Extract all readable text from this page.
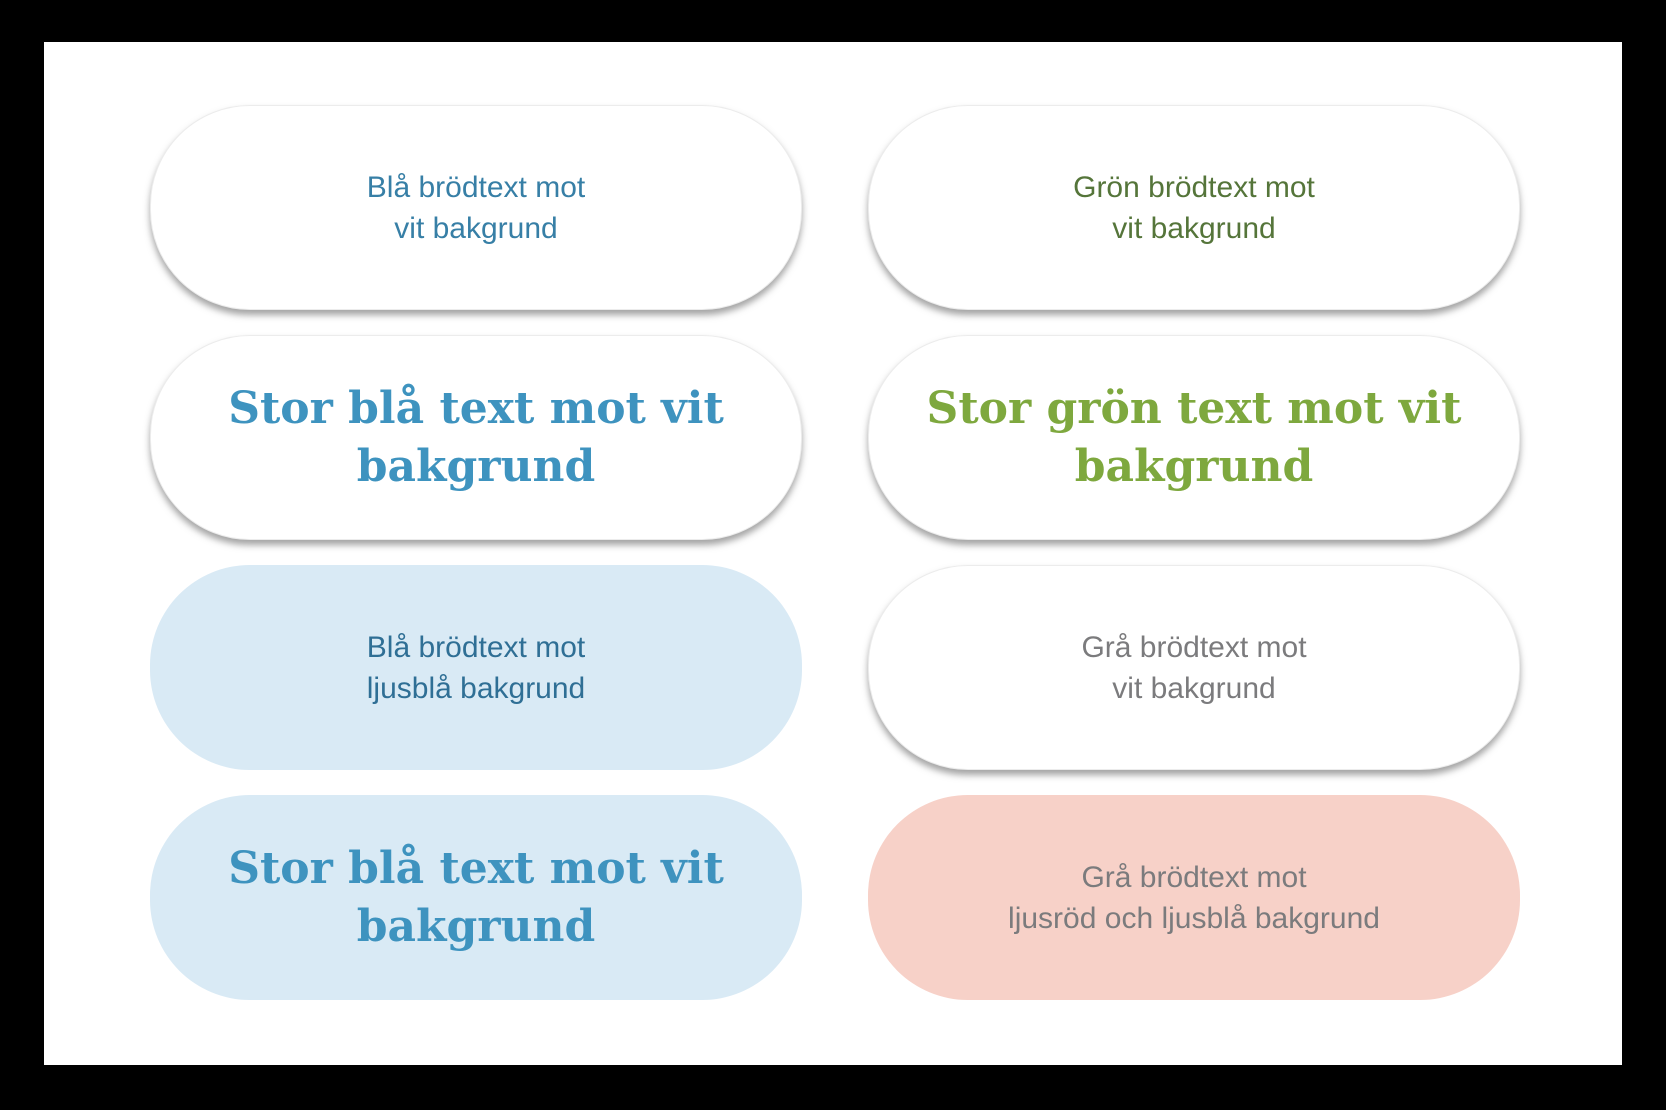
Blå brödtext mot
vit bakgrund
Grön brödtext mot
vit bakgrund
Stor blå text mot vit
bakgrund
Stor grön text mot vit
bakgrund
Blå brödtext mot
ljusblå bakgrund
Grå brödtext mot
vit bakgrund
Stor blå text mot vit
bakgrund
Grå brödtext mot
ljusröd och ljusblå bakgrund
